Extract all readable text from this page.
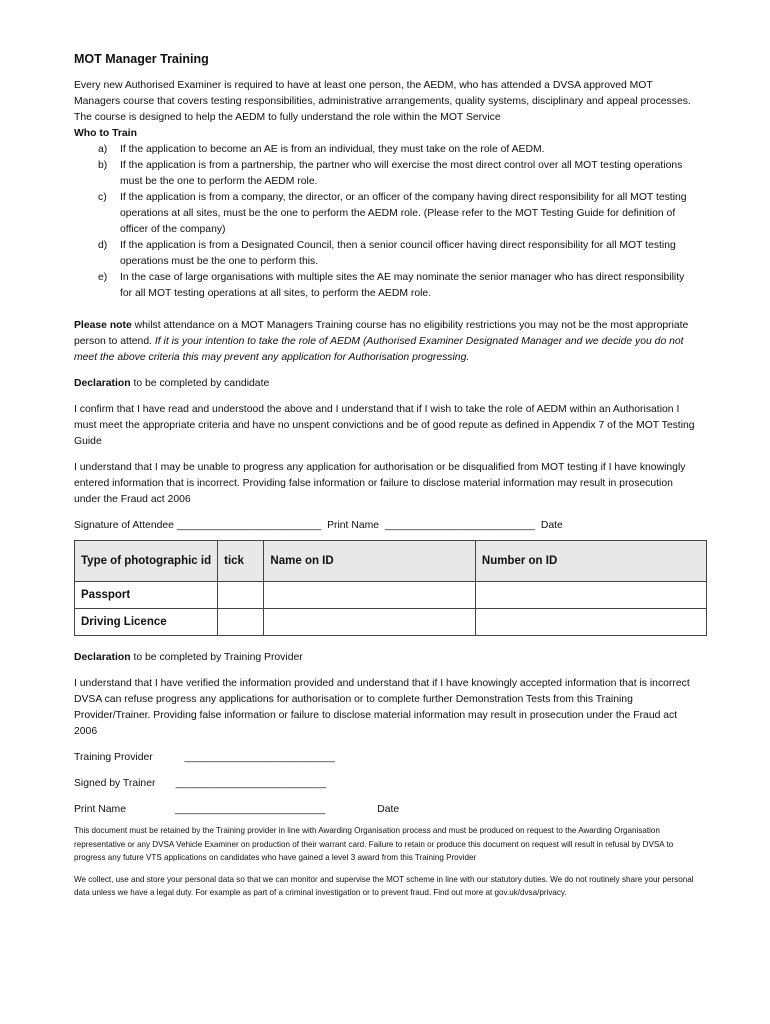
MOT Manager Training

Every new Authorised Examiner is required to have at least one person, the AEDM, who has attended a DVSA approved MOT Managers course that covers testing responsibilities, administrative arrangements, quality systems, disciplinary and appeal processes. The course is designed to help the AEDM to fully understand the role within the MOT Service

Who to Train
a) If the application to become an AE is from an individual, they must take on the role of AEDM.
b) If the application is from a partnership, the partner who will exercise the most direct control over all MOT testing operations must be the one to perform the AEDM role.
c) If the application is from a company, the director, or an officer of the company having direct responsibility for all MOT testing operations at all sites, must be the one to perform the AEDM role. (Please refer to the MOT Testing Guide for definition of officer of the company)
d) If the application is from a Designated Council, then a senior council officer having direct responsibility for all MOT testing operations must be the one to perform this.
e) In the case of large organisations with multiple sites the AE may nominate the senior manager who has direct responsibility for all MOT testing operations at all sites, to perform the AEDM role.

Please note whilst attendance on a MOT Managers Training course has no eligibility restrictions you may not be the most appropriate person to attend. If it is your intention to take the role of AEDM (Authorised Examiner Designated Manager and we decide you do not meet the above criteria this may prevent any application for Authorisation progressing.

Declaration to be completed by candidate

I confirm that I have read and understood the above and I understand that if I wish to take the role of AEDM within an Authorisation I must meet the appropriate criteria and have no unspent convictions and be of good repute as defined in Appendix 7 of the MOT Testing Guide

I understand that I may be unable to progress any application for authorisation or be disqualified from MOT testing if I have knowingly entered information that is incorrect. Providing false information or failure to disclose material information may result in prosecution under the Fraud act 2006

Signature of Attendee _________________________  Print Name  __________________________  Date
Type of photographic id	tick	Name on ID	Number on ID
Passport			
Driving Licence			

Declaration to be completed by Training Provider

I understand that I have verified the information provided and understand that if I have knowingly accepted information that is incorrect DVSA can refuse progress any applications for authorisation or to complete further Demonstration Tests from this Training Provider/Trainer. Providing false information or failure to disclose material information may result in prosecution under the Fraud act 2006

Training Provider           __________________________
Signed by Trainer       __________________________
Print Name                 __________________________                  Date

This document must be retained by the Training provider in line with Awarding Organisation process and must be produced on request to the Awarding Organisation representative or any DVSA Vehicle Examiner on production of their warrant card. Failure to retain or produce this document on request will result in refusal by DVSA to progress any future VTS applications on candidates who have gained a level 3 award from this Training Provider

We collect, use and store your personal data so that we can monitor and supervise the MOT scheme in line with our statutory duties. We do not routinely share your personal data unless we have a legal duty. For example as part of a criminal investigation or to prevent fraud. Find out more at gov.uk/dvsa/privacy.
